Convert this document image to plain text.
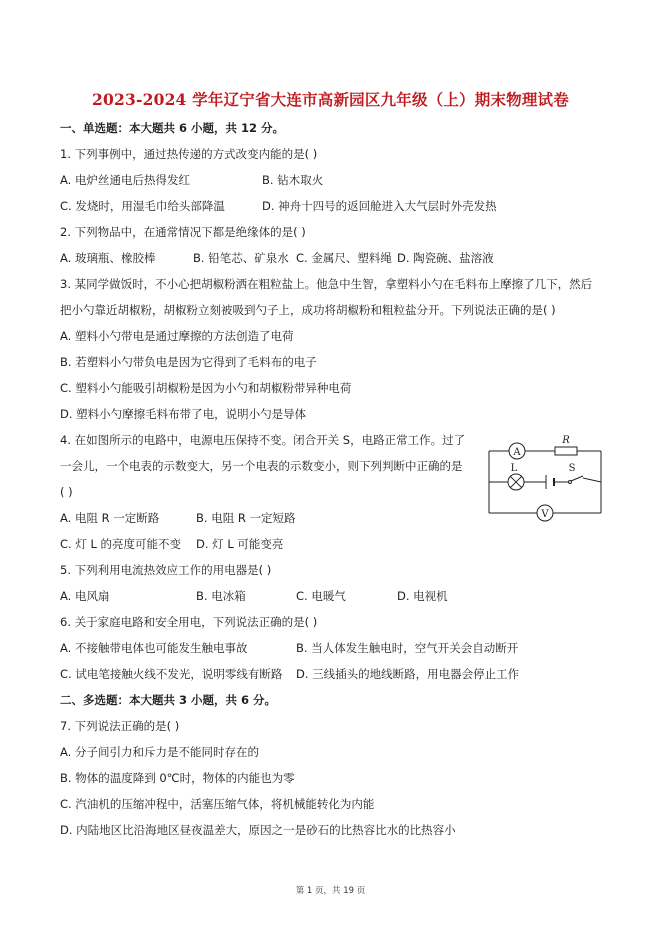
2023-2024 学年辽宁省大连市高新园区九年级（上）期末物理试卷
一、单选题：本大题共 6 小题，共 12 分。
1. 下列事例中，通过热传递的方式改变内能的是( )
A. 电炉丝通电后热得发红	B. 钻木取火
C. 发烧时，用湿毛巾给头部降温	D. 神舟十四号的返回舱进入大气层时外壳发热
2. 下列物品中，在通常情况下都是绝缘体的是( )
A. 玻璃瓶、橡胶棒	B. 铅笔芯、矿泉水 C. 金属尺、塑料绳 D. 陶瓷碗、盐溶液
3. 某同学做饭时，不小心把胡椒粉洒在粗粒盐上。他急中生智，拿塑料小勺在毛料布上摩擦了几下，然后
把小勺靠近胡椒粉，胡椒粉立刻被吸到勺子上，成功将胡椒粉和粗粒盐分开。下列说法正确的是( )
A. 塑料小勺带电是通过摩擦的方法创造了电荷
B. 若塑料小勺带负电是因为它得到了毛料布的电子
C. 塑料小勺能吸引胡椒粉是因为小勺和胡椒粉带异种电荷
D. 塑料小勺摩擦毛料布带了电，说明小勺是导体
4. 在如图所示的电路中，电源电压保持不变。闭合开关 S，电路正常工作。过了
一会儿，一个电表的示数变大，另一个电表的示数变小，则下列判断中正确的是
( )
A. 电阻 R 一定断路	B. 电阻 R 一定短路
C. 灯 L 的亮度可能不变 D. 灯 L 可能变亮
A
R
L	S
V
5. 下列利用电流热效应工作的用电器是( )
A. 电风扇	B. 电冰箱	C. 电暖气	D. 电视机
6. 关于家庭电路和安全用电，下列说法正确的是( )
A. 不接触带电体也可能发生触电事故	B. 当人体发生触电时，空气开关会自动断开
C. 试电笔接触火线不发光，说明零线有断路 D. 三线插头的地线断路，用电器会停止工作
二、多选题：本大题共 3 小题，共 6 分。
7. 下列说法正确的是( )
A. 分子间引力和斥力是不能同时存在的
B. 物体的温度降到 0℃时，物体的内能也为零
C. 汽油机的压缩冲程中，活塞压缩气体，将机械能转化为内能
D. 内陆地区比沿海地区昼夜温差大，原因之一是砂石的比热容比水的比热容小
第 1 页，共 19 页
